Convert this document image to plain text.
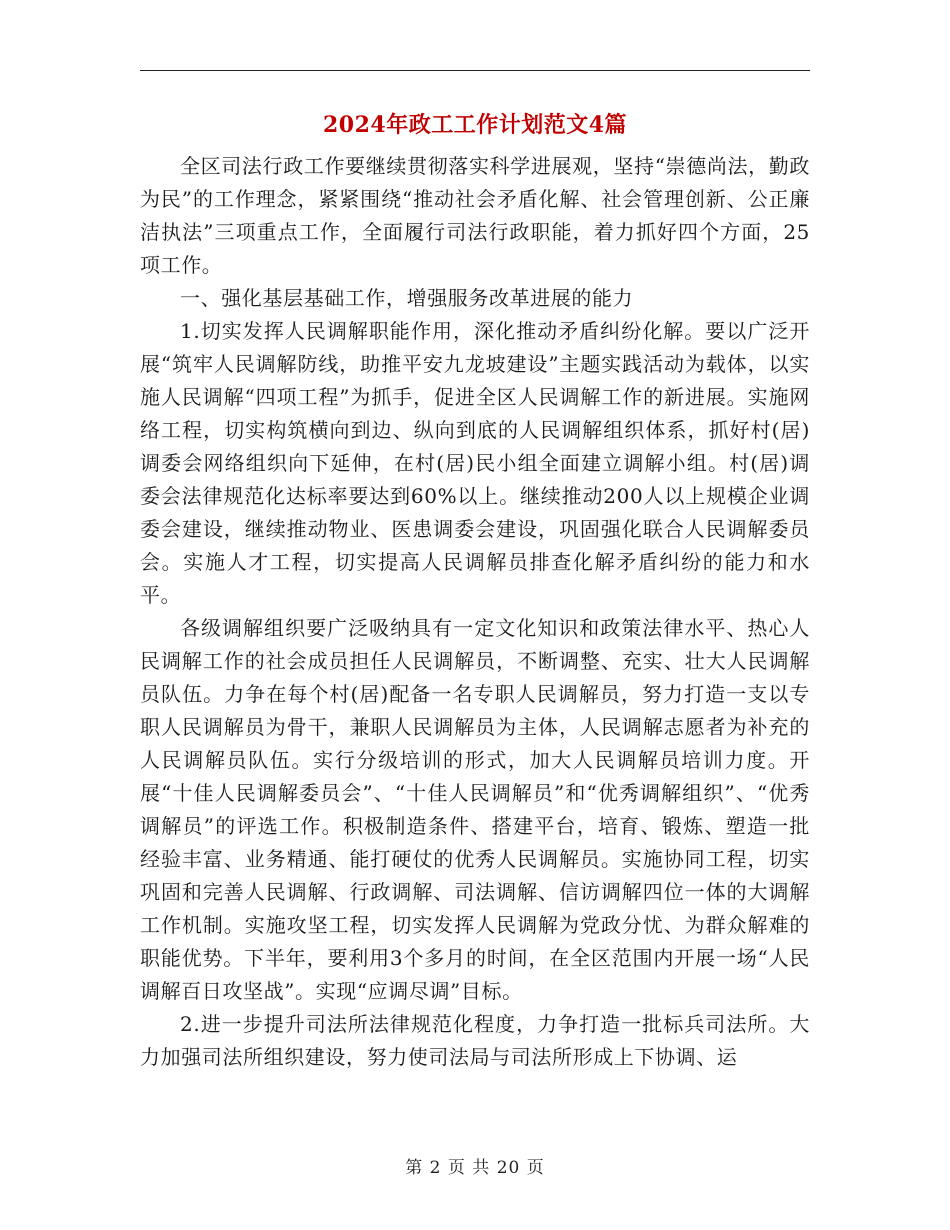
2024年政工工作计划范文4篇

全区司法行政工作要继续贯彻落实科学进展观，坚持“崇德尚法，勤政为民”的工作理念，紧紧围绕“推动社会矛盾化解、社会管理创新、公正廉洁执法”三项重点工作，全面履行司法行政职能，着力抓好四个方面，25项工作。

一、强化基层基础工作，增强服务改革进展的能力

1.切实发挥人民调解职能作用，深化推动矛盾纠纷化解。要以广泛开展“筑牢人民调解防线，助推平安九龙坡建设”主题实践活动为载体，以实施人民调解“四项工程”为抓手，促进全区人民调解工作的新进展。实施网络工程，切实构筑横向到边、纵向到底的人民调解组织体系，抓好村(居)调委会网络组织向下延伸，在村(居)民小组全面建立调解小组。村(居)调委会法律规范化达标率要达到60%以上。继续推动200人以上规模企业调委会建设，继续推动物业、医患调委会建设，巩固强化联合人民调解委员会。实施人才工程，切实提高人民调解员排查化解矛盾纠纷的能力和水平。

各级调解组织要广泛吸纳具有一定文化知识和政策法律水平、热心人民调解工作的社会成员担任人民调解员，不断调整、充实、壮大人民调解员队伍。力争在每个村(居)配备一名专职人民调解员，努力打造一支以专职人民调解员为骨干，兼职人民调解员为主体，人民调解志愿者为补充的人民调解员队伍。实行分级培训的形式，加大人民调解员培训力度。开展“十佳人民调解委员会”、“十佳人民调解员”和“优秀调解组织”、“优秀调解员”的评选工作。积极制造条件、搭建平台，培育、锻炼、塑造一批经验丰富、业务精通、能打硬仗的优秀人民调解员。实施协同工程，切实巩固和完善人民调解、行政调解、司法调解、信访调解四位一体的大调解工作机制。实施攻坚工程，切实发挥人民调解为党政分忧、为群众解难的职能优势。下半年，要利用3个多月的时间，在全区范围内开展一场“人民调解百日攻坚战”。实现“应调尽调”目标。

2.进一步提升司法所法律规范化程度，力争打造一批标兵司法所。大力加强司法所组织建设，努力使司法局与司法所形成上下协调、运

第 2 页 共 20 页
